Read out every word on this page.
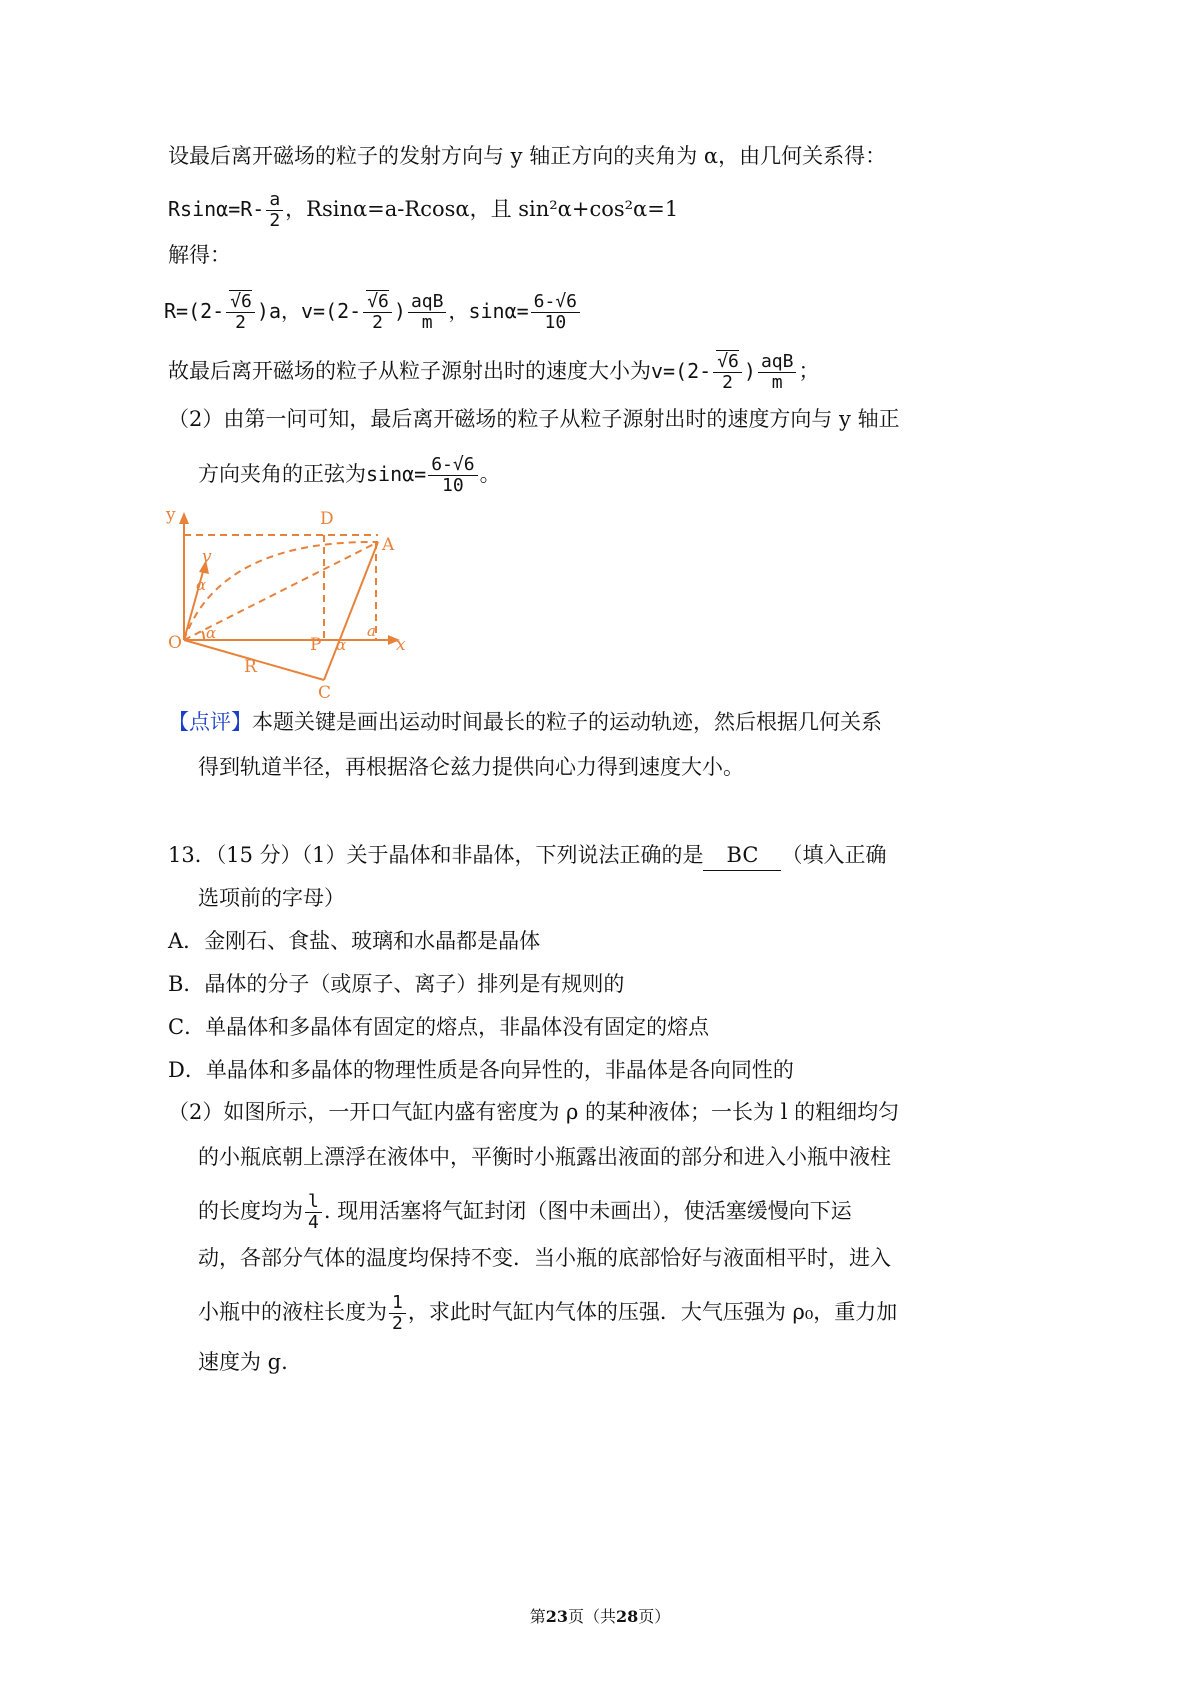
设最后离开磁场的粒子的发射方向与 y 轴正方向的夹角为 α，由几何关系得：
$Rsin\alpha=R- \frac{a}{2}$ ，Rsinα=a-Rcosα，且 sin²α+cos²α=1
解得：
$R=(2- \frac{√6}{2} )a$，$v=(2- \frac{√6}{2}$ ) $\frac{\text{aqB}}{m}$ ，$\sin\alpha= \frac{6-√6}{10}$
故最后离开磁场的粒子从粒子源射出时的速度大小为$v=(2- \frac{√6}{2}$ ) $\frac{\text{aqB}}{m}$ ；
（2）由第一问可知，最后离开磁场的粒子从粒子源射出时的速度方向与 y 轴正
方向夹角的正弦为$\sin\alpha= \frac{6-√6}{10}$ 。
y
O
D
A
P
C
R
v
x
α
α
α
a
【点评】本题关键是画出运动时间最长的粒子的运动轨迹，然后根据几何关系
得到轨道半径，再根据洛仑兹力提供向心力得到速度大小。
13．（15 分）（1）关于晶体和非晶体，下列说法正确的是 BC （填入正确
选项前的字母）
A．金刚石、食盐、玻璃和水晶都是晶体
B．晶体的分子（或原子、离子）排列是有规则的
C．单晶体和多晶体有固定的熔点，非晶体没有固定的熔点
D．单晶体和多晶体的物理性质是各向异性的，非晶体是各向同性的
（2）如图所示，一开口气缸内盛有密度为 ρ 的某种液体；一长为 l 的粗细均匀
的小瓶底朝上漂浮在液体中，平衡时小瓶露出液面的部分和进入小瓶中液柱
的长度均为 $\frac{l}{4}$ . 现用活塞将气缸封闭（图中未画出），使活塞缓慢向下运
动，各部分气体的温度均保持不变．当小瓶的底部恰好与液面相平时，进入
小瓶中的液柱长度为 $\frac{1}{2}$ ，求此时气缸内气体的压强．大气压强为 ρ₀，重力加
速度为 g.
第23页（共28页）
